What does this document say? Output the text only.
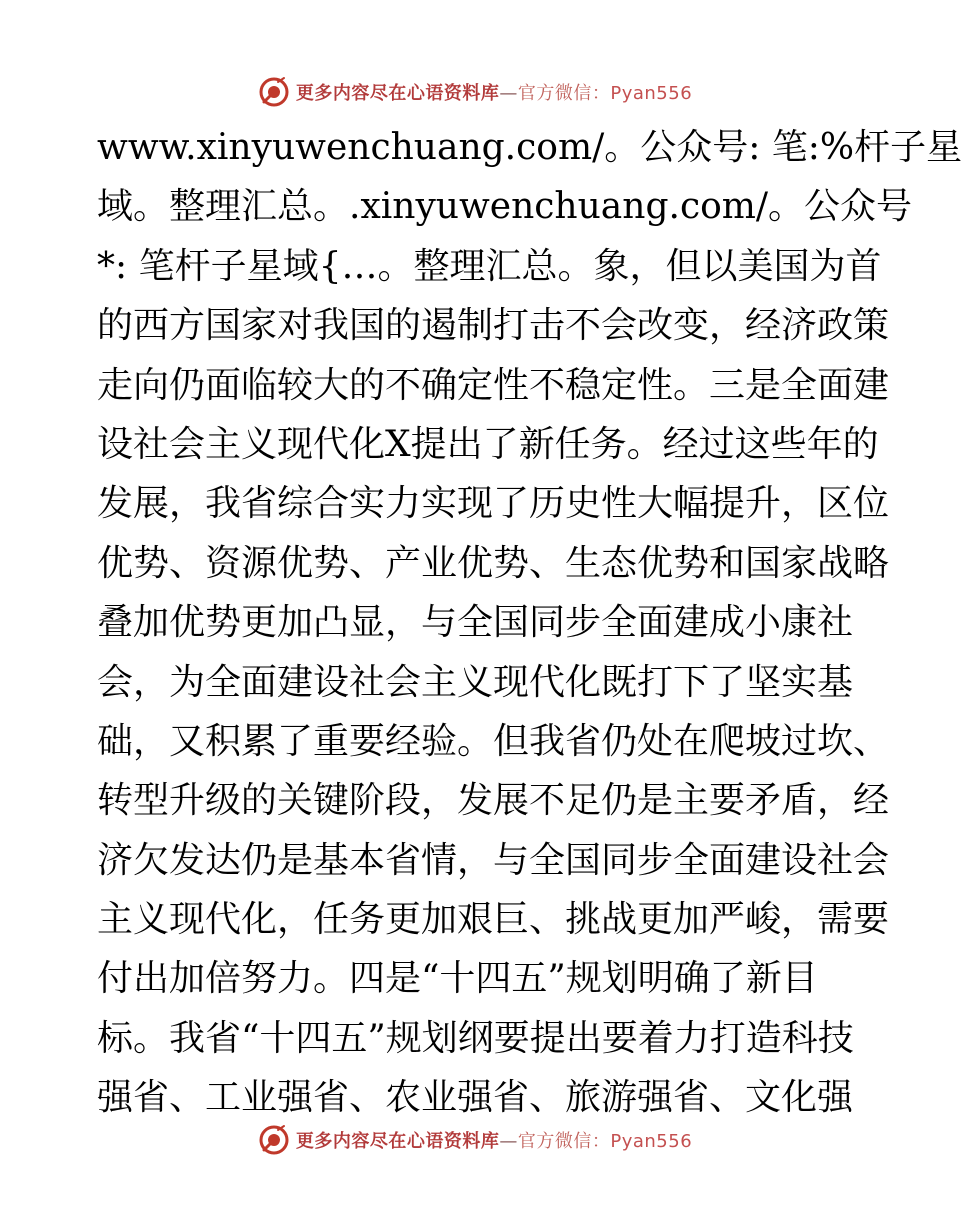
更多内容尽在心语资料库—官方微信：Pyan556
www.xinyuwenchuang.com/。公众号: 笔:%杆子星
域。整理汇总。.xinyuwenchuang.com/。公众号
*: 笔杆子星域{…。整理汇总。象，但以美国为首
的西方国家对我国的遏制打击不会改变，经济政策
走向仍面临较大的不确定性不稳定性。三是全面建
设社会主义现代化X提出了新任务。经过这些年的
发展，我省综合实力实现了历史性大幅提升，区位
优势、资源优势、产业优势、生态优势和国家战略
叠加优势更加凸显，与全国同步全面建成小康社
会，为全面建设社会主义现代化既打下了坚实基
础，又积累了重要经验。但我省仍处在爬坡过坎、
转型升级的关键阶段，发展不足仍是主要矛盾，经
济欠发达仍是基本省情，与全国同步全面建设社会
主义现代化，任务更加艰巨、挑战更加严峻，需要
付出加倍努力。四是“十四五”规划明确了新目
标。我省“十四五”规划纲要提出要着力打造科技
强省、工业强省、农业强省、旅游强省、文化强
更多内容尽在心语资料库—官方微信：Pyan556
